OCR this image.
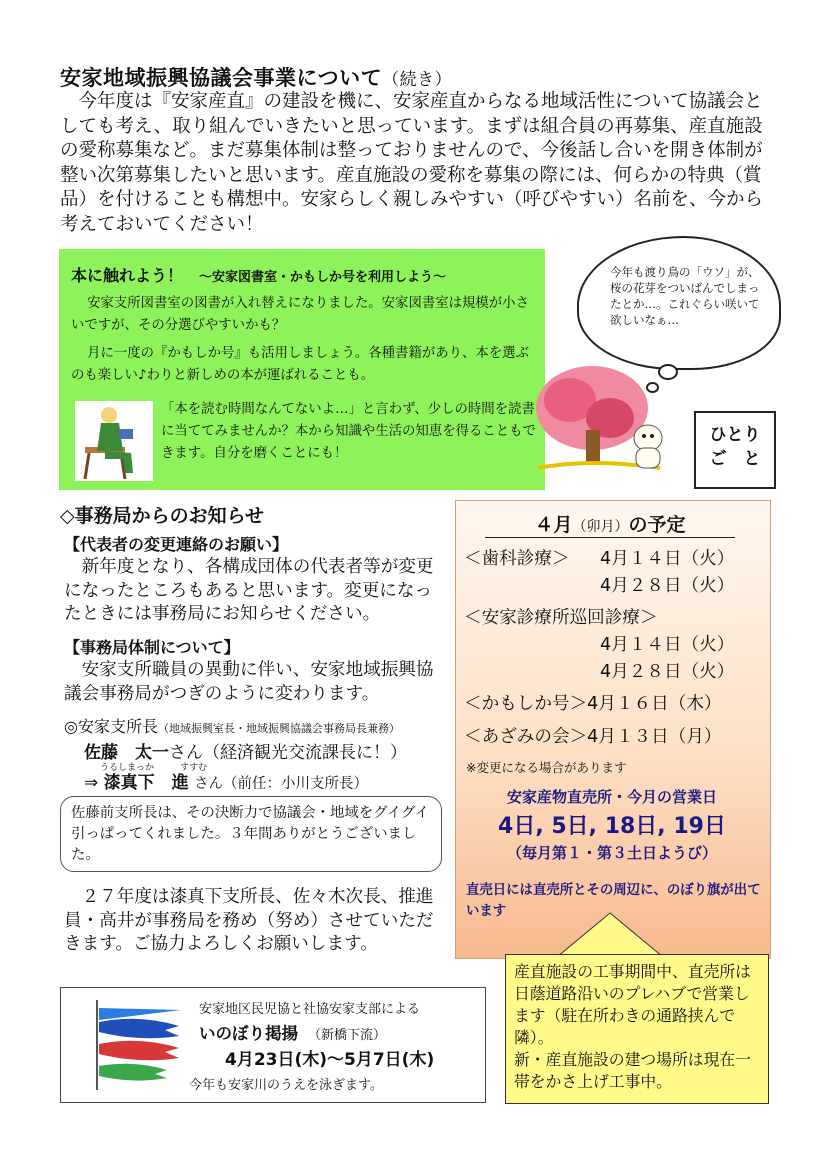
安家地域振興協議会事業について（続き）

今年度は『安家産直』の建設を機に、安家産直からなる地域活性について協議会としても考え、取り組んでいきたいと思っています。まずは組合員の再募集、産直施設の愛称募集など。まだ募集体制は整っておりませんので、今後話し合いを開き体制が整い次第募集したいと思います。産直施設の愛称を募集の際には、何らかの特典（賞品）を付けることも構想中。安家らしく親しみやすい（呼びやすい）名前を、今から考えておいてください！

本に触れよう！　 ～安家図書室・かもしか号を利用しよう～
安家支所図書室の図書が入れ替えになりました。安家図書室は規模が小さいですが、その分選びやすいかも？
月に一度の『かもしか号』も活用しましょう。各種書籍があり、本を選ぶのも楽しい♪わりと新しめの本が運ばれることも。
「本を読む時間なんてないよ…」と言わず、少しの時間を読書に当ててみませんか？本から知識や生活の知恵を得ることもできます。自分を磨くことにも！
今年も渡り鳥の「ウソ」が、桜の花芽をついばんでしまったとか…。これぐらい咲いて欲しいなぁ…
ひとり
ご　と
◇事務局からのお知らせ
【代表者の変更連絡のお願い】
新年度となり、各構成団体の代表者等が変更になったところもあると思います。変更になったときには事務局にお知らせください。
【事務局体制について】
安家支所職員の異動に伴い、安家地域振興協議会事務局がつぎのように変わります。
◎安家支所長（地域振興室長・地域振興協議会事務局長兼務）
佐藤　太一さん（経済観光交流課長に！）
うるしまっか	すすむ
⇒ 漆真下　 進 さん（前任：小川支所長）
佐藤前支所長は、その決断力で協議会・地域をグイグイ引っぱってくれました。３年間ありがとうございました。
２７年度は漆真下支所長、佐々木次長、推進員・高井が事務局を務め（努め）させていただきます。ご協力よろしくお願いします。
４月（卯月）の予定
＜歯科診療＞ 4月１４日（火）
4月２８日（火）
＜安家診療所巡回診療＞
4月１４日（火）
4月２８日（火）
＜かもしか号＞4月１６日（木）
＜あざみの会＞4月１３日（月）
※変更になる場合があります
安家産物直売所・今月の営業日
4日, 5日, 18日, 19日
（毎月第１・第３土日ようび）
直売日には直売所とその周辺に、のぼり旗が出ています
産直施設の工事期間中、直売所は日蔭道路沿いのプレハブで営業します（駐在所わきの通路挟んで隣）。
新・産直施設の建つ場所は現在一帯をかさ上げ工事中。
安家地区民児協と社協安家支部による
いのぼり掲揚　 （新橋下流）
4月23日(木)～5月7日(木)
今年も安家川のうえを泳ぎます。
